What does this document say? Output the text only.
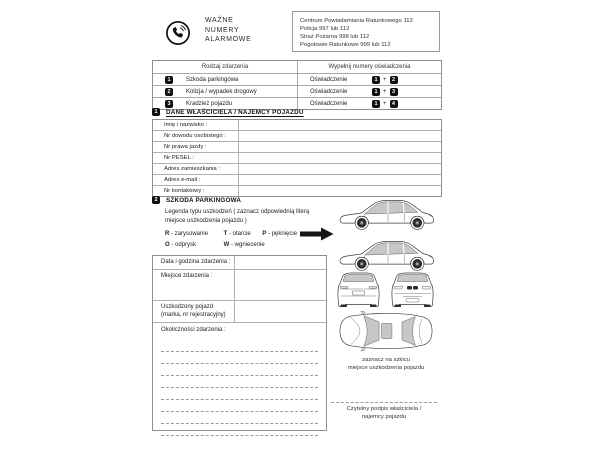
WAŻNE
NUMERY
ALARMOWE
Centrum Powiadamiania Ratunkowego 112
Policja 997 lub 112
Straż Pożarna 998 lub 112
Pogotowie Ratunkowe 999 lub 112
Rodzaj zdarzenia	Wypełnij numery oświadczenia
1	Szkoda parkingowa	Oświadczenie	1 + 2
2	Kolizja / wypadek drogowy	Oświadczenie	1 + 3
3	Kradzież pojazdu	Oświadczenie	1 + 4
1	DANE WŁAŚCICIELA / NAJEMCY POJAZDU
Imię i nazwisko :
Nr dowodu osobistego :
Nr prawa jazdy :
Nr PESEL :
Adres zamieszkania :
Adres e-mail :
Nr kontaktowy :
2	SZKODA PARKINGOWA
Legenda typu uszkodzeń ( zaznacz odpowiednią literą
miejsce uszkodzenia pojazdu )
R - zarysowanie	T - otarcie P - pęknięcie
O - odprysk	W - wgniecenie
Data i godzina zdarzenia :
Miejsce zdarzenia :
Uszkodzony pojazd
(marka, nr rejestracyjny)
Okoliczności zdarzenia :
zaznacz na szkicu
miejsce uszkodzenia pojazdu
Czytelny podpis właściciela /
najemcy pojazdu
